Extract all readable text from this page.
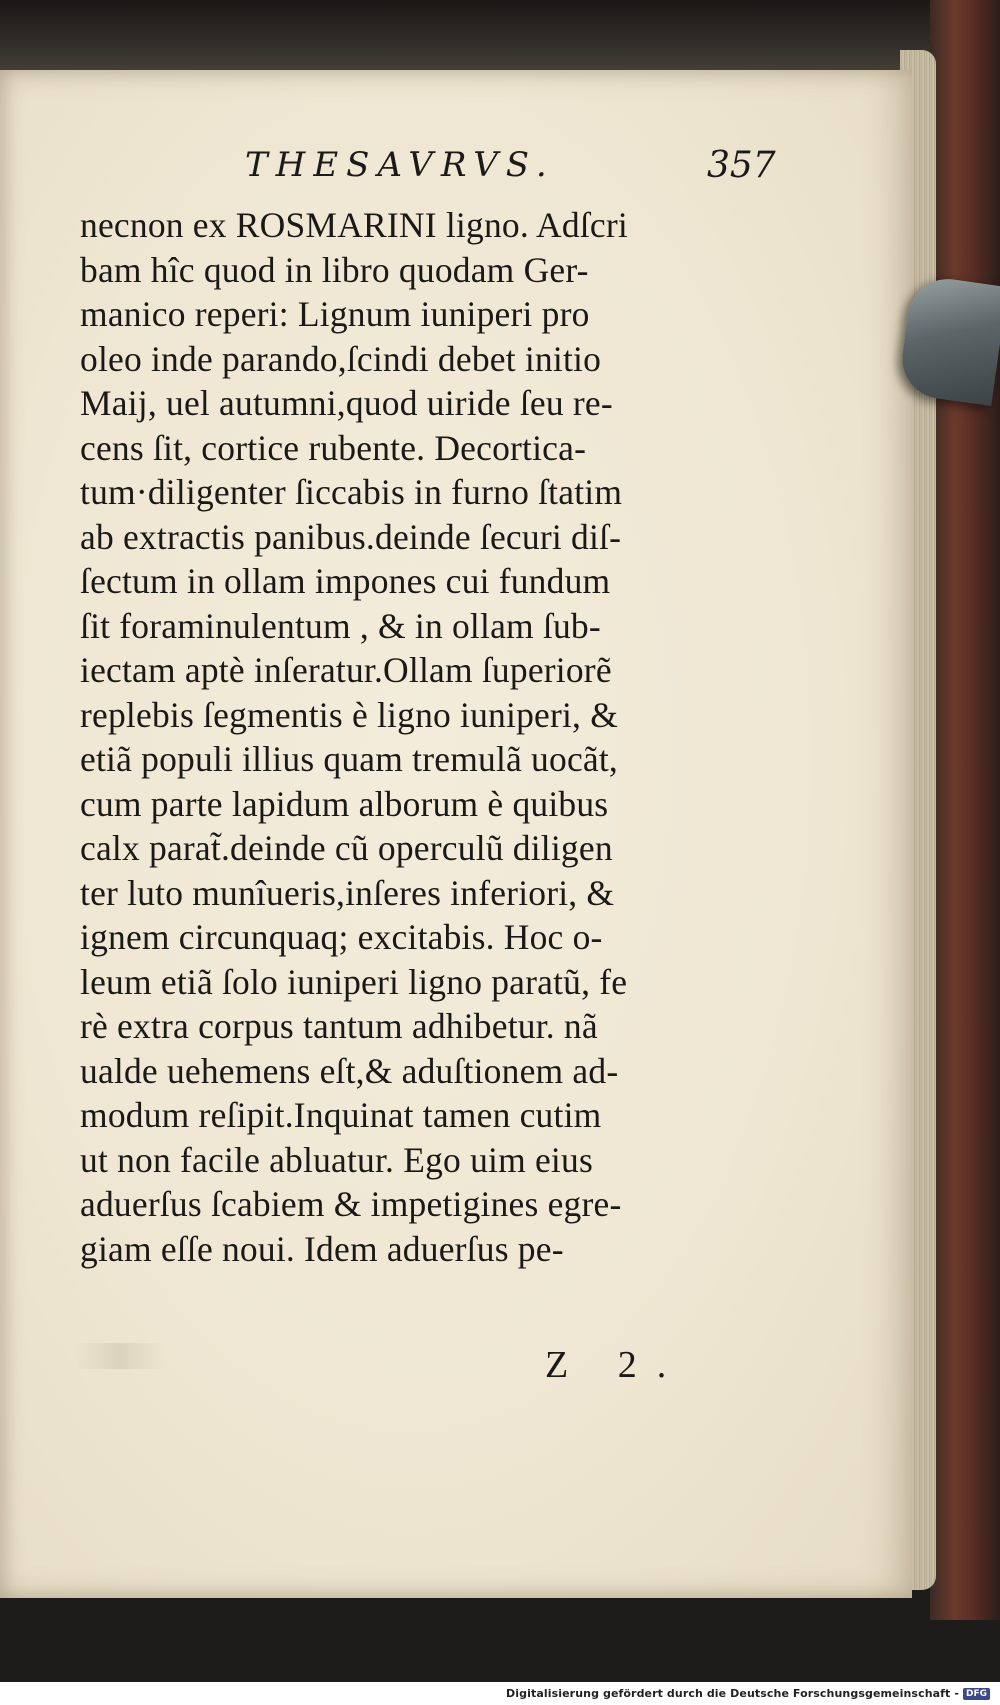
THESAVRVS.	357
necnon ex ROSMARINI ligno. Adſcri
bam hîc quod in libro quodam Ger-
manico reperi: Lignum iuniperi pro
oleo inde parando,ſcindi debet initio
Maij, uel autumni,quod uiride ſeu re-
cens ſit, cortice rubente. Decortica-
tum·diligenter ſiccabis in furno ſtatim
ab extractis panibus.deinde ſecuri diſ-
ſectum in ollam impones cui fundum
ſit foraminulentum , & in ollam ſub-
iectam aptè inſeratur.Ollam ſuperiorẽ
replebis ſegmentis è ligno iuniperi, &
etiã populi illius quam tremulã uocãt,
cum parte lapidum alborum è quibus
calx parat̃.deinde cũ operculũ diligen
ter luto munîueris,inſeres inferiori, &
ignem circunquaq; excitabis. Hoc o-
leum etiã ſolo iuniperi ligno paratũ, fe
rè extra corpus tantum adhibetur. nã
ualde uehemens eſt,& aduſtionem ad-
modum reſipit.Inquinat tamen cutim
ut non facile abluatur. Ego uim eius
aduerſus ſcabiem & impetigines egre-
giam eſſe noui. Idem aduerſus pe-
Z 2.
Digitalisierung gefördert durch die Deutsche Forschungsgemeinschaft - DFG
